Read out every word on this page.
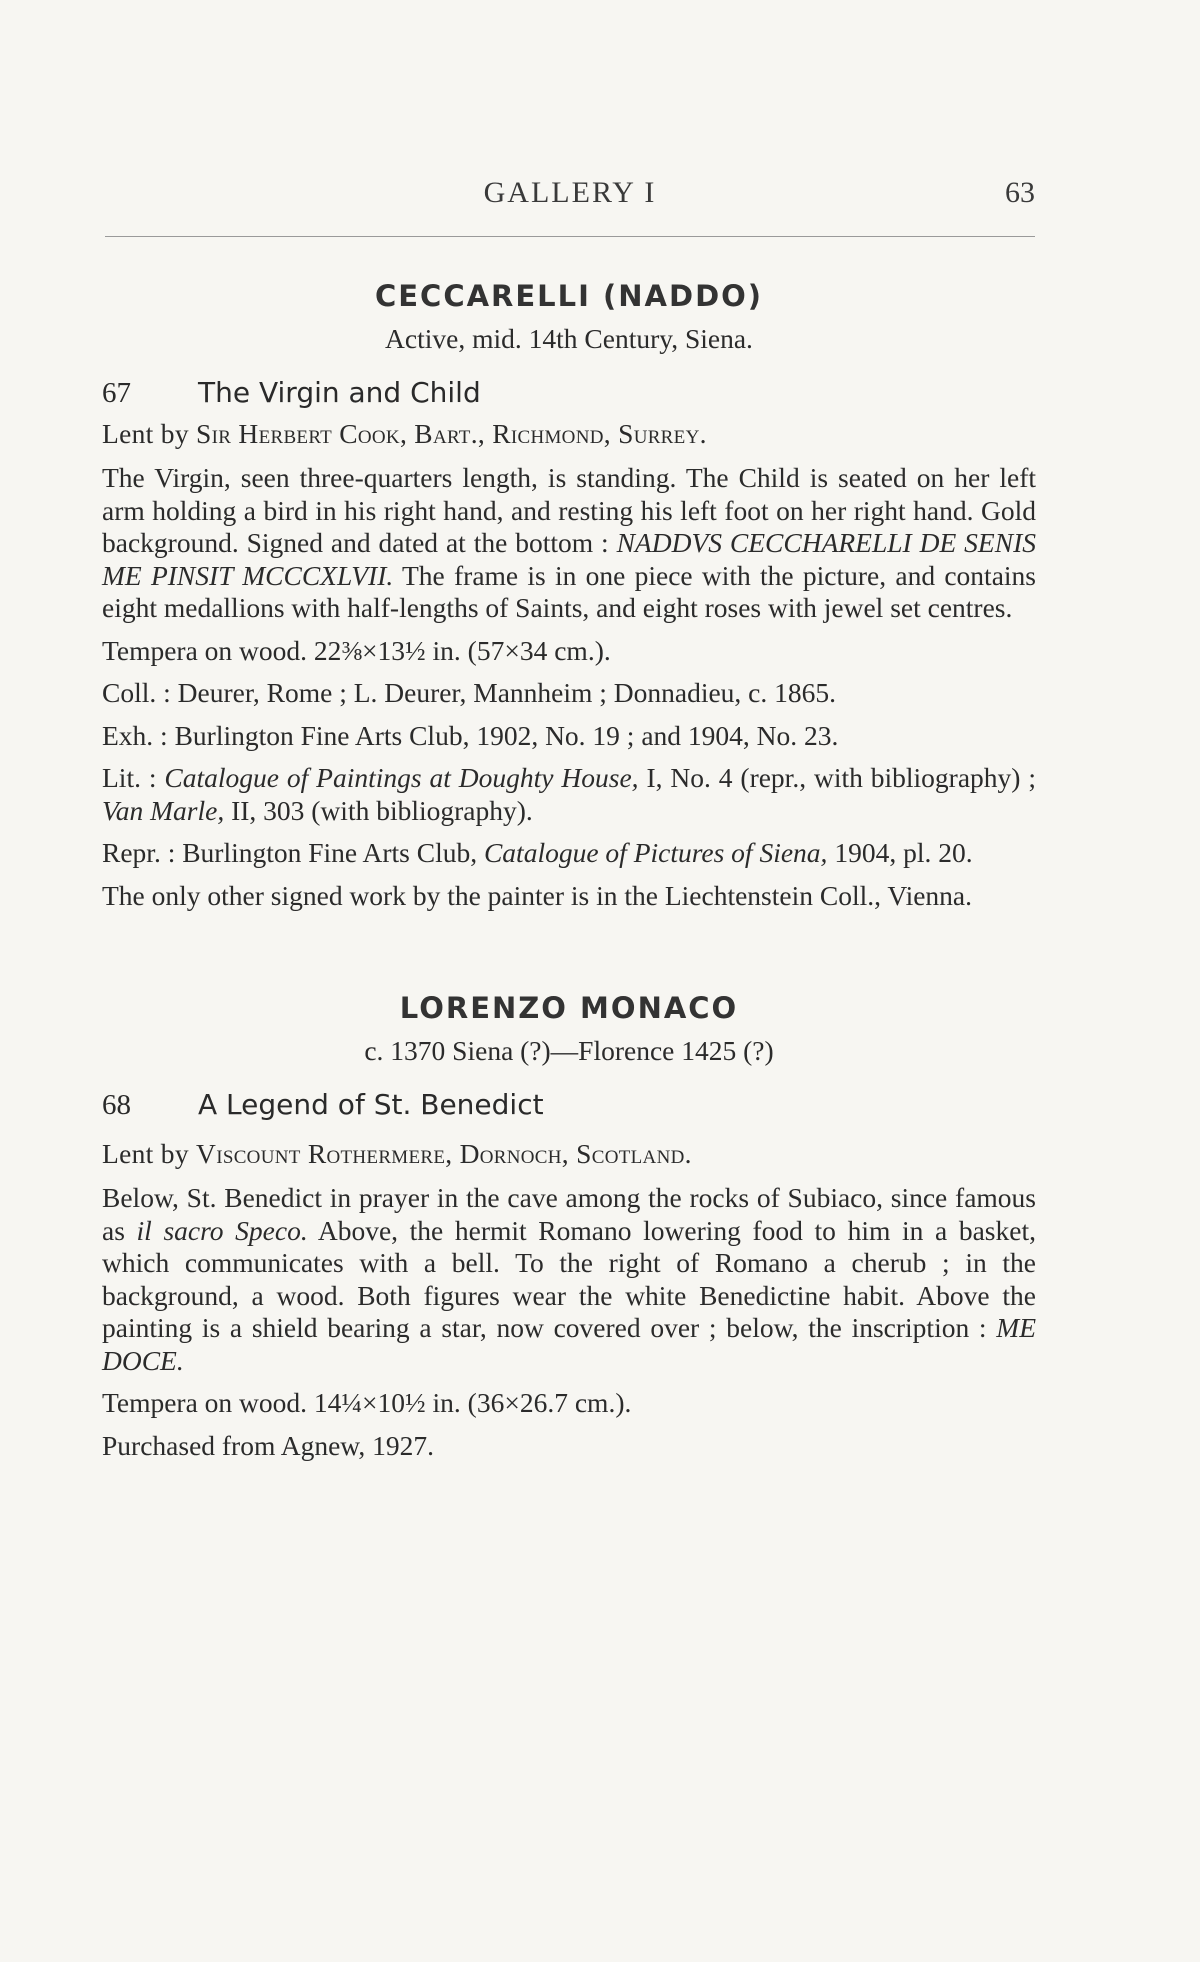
GALLERY I	63
CECCARELLI (NADDO)
Active, mid. 14th Century, Siena.
67 The Virgin and Child
Lent by Sir Herbert Cook, Bart., Richmond, Surrey.

The Virgin, seen three-quarters length, is standing. The Child is seated on her left arm holding a bird in his right hand, and resting his left foot on her right hand. Gold background. Signed and dated at the bottom : NADDVS CECCHARELLI DE SENIS ME PINSIT MCCCXLVII. The frame is in one piece with the picture, and contains eight medallions with half-lengths of Saints, and eight roses with jewel set centres.

Tempera on wood. 22⅜×13½ in. (57×34 cm.).

Coll. : Deurer, Rome ; L. Deurer, Mannheim ; Donnadieu, c. 1865.

Exh. : Burlington Fine Arts Club, 1902, No. 19 ; and 1904, No. 23.

Lit. : Catalogue of Paintings at Doughty House, I, No. 4 (repr., with bibliography) ; Van Marle, II, 303 (with bibliography).

Repr. : Burlington Fine Arts Club, Catalogue of Pictures of Siena, 1904, pl. 20.

The only other signed work by the painter is in the Liechtenstein Coll., Vienna.

LORENZO MONACO
c. 1370 Siena (?)—Florence 1425 (?)
68 A Legend of St. Benedict
Lent by Viscount Rothermere, Dornoch, Scotland.

Below, St. Benedict in prayer in the cave among the rocks of Subiaco, since famous as il sacro Speco. Above, the hermit Romano lowering food to him in a basket, which communicates with a bell. To the right of Romano a cherub ; in the background, a wood. Both figures wear the white Benedictine habit. Above the painting is a shield bearing a star, now covered over ; below, the inscription : ME DOCE.

Tempera on wood. 14¼×10½ in. (36×26.7 cm.).

Purchased from Agnew, 1927.
